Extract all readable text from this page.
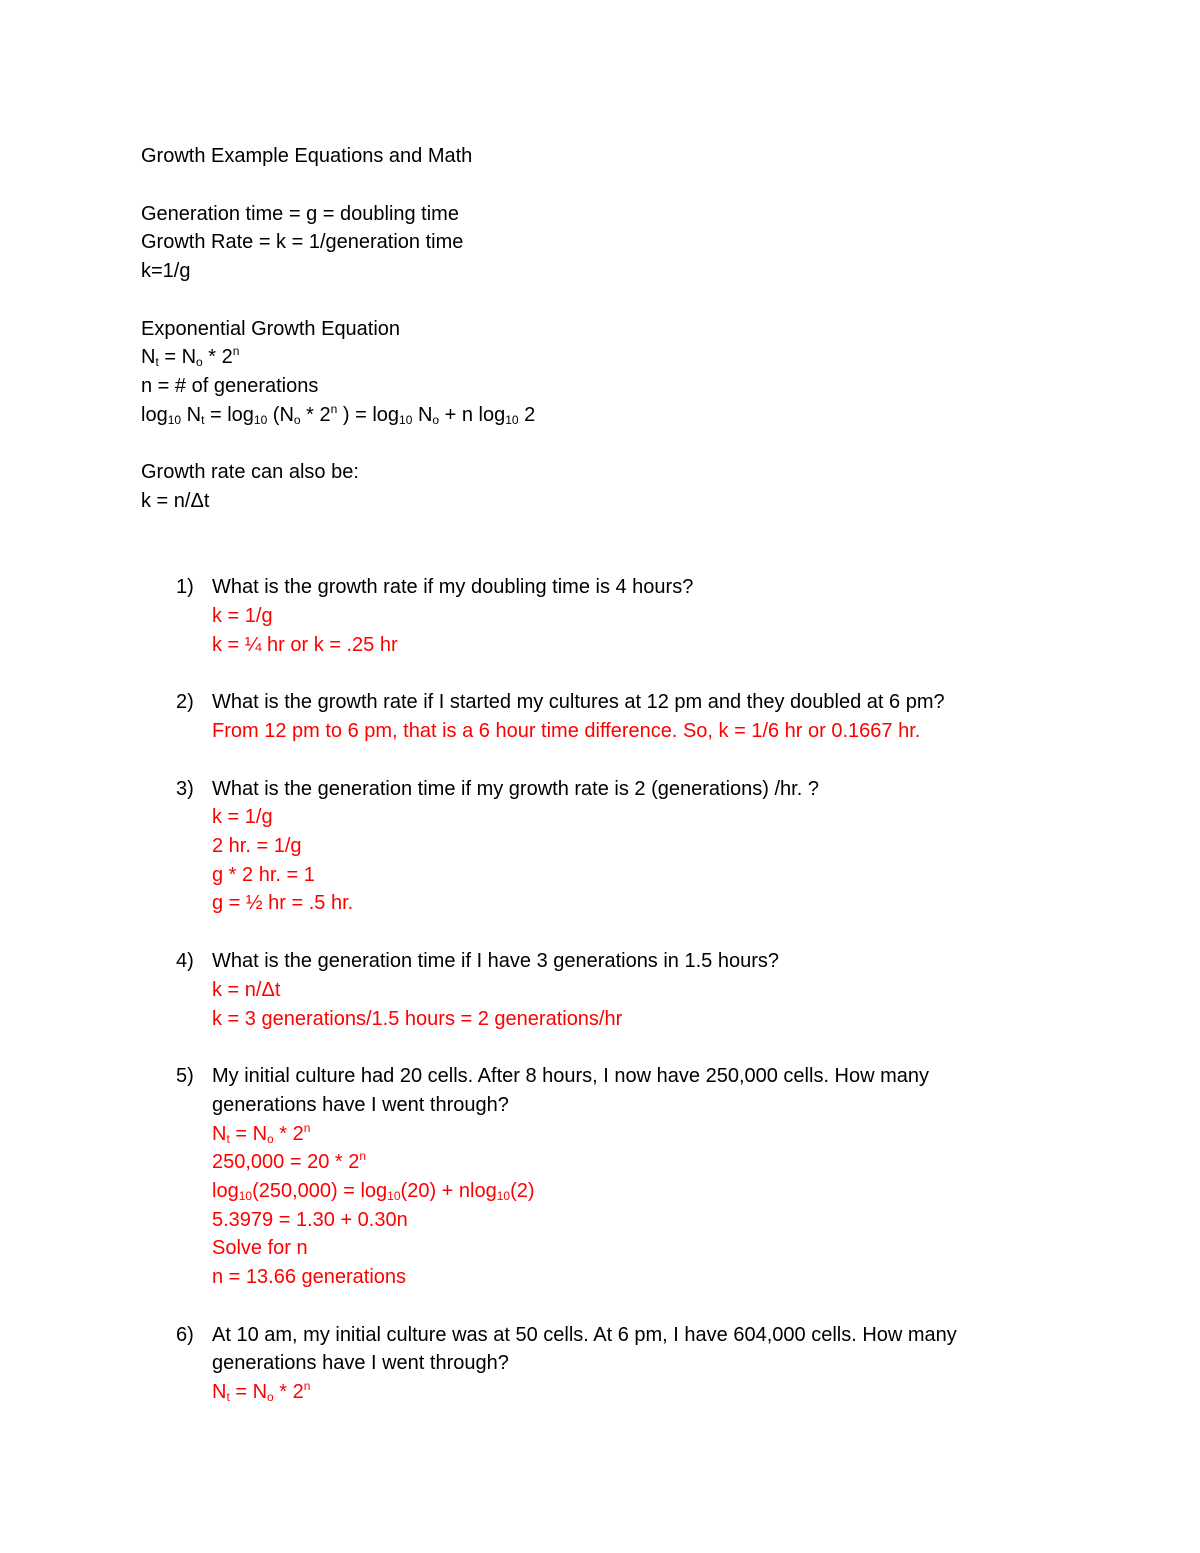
Growth Example Equations and Math
Generation time = g = doubling time
Growth Rate = k = 1/generation time
k=1/g
Exponential Growth Equation
$N_t = N_o * 2^n$
n = # of generations
$\log_{10} N_t = \log_{10} (N_o * 2^n$ ) = $\log_{10} N_o + n$ $\log_{10} 2$
Growth rate can also be:
k = n/Δt
1) What is the growth rate if my doubling time is 4 hours?
k = 1/g
k = ¼ hr or k = .25 hr
2) What is the growth rate if I started my cultures at 12 pm and they doubled at 6 pm?
From 12 pm to 6 pm, that is a 6 hour time difference. So, k = 1/6 hr or 0.1667 hr.
3) What is the generation time if my growth rate is 2 (generations) /hr. ?
k = 1/g
2 hr. = 1/g
g * 2 hr. = 1
g = ½ hr = .5 hr.
4) What is the generation time if I have 3 generations in 1.5 hours?
k = n/Δt
k = 3 generations/1.5 hours = 2 generations/hr
5) My initial culture had 20 cells. After 8 hours, I now have 250,000 cells. How many
generations have I went through?
$N_t = N_o * 2^n$
250,000 = 20 * 2$^n$
$\log_{10}(250,000) = \log_{10}(20) + nlog_{10}(2)$
5.3979 = 1.30 + 0.30n
Solve for n
n = 13.66 generations
6) At 10 am, my initial culture was at 50 cells. At 6 pm, I have 604,000 cells. How many
generations have I went through?
$N_t = N_o * 2^n$
